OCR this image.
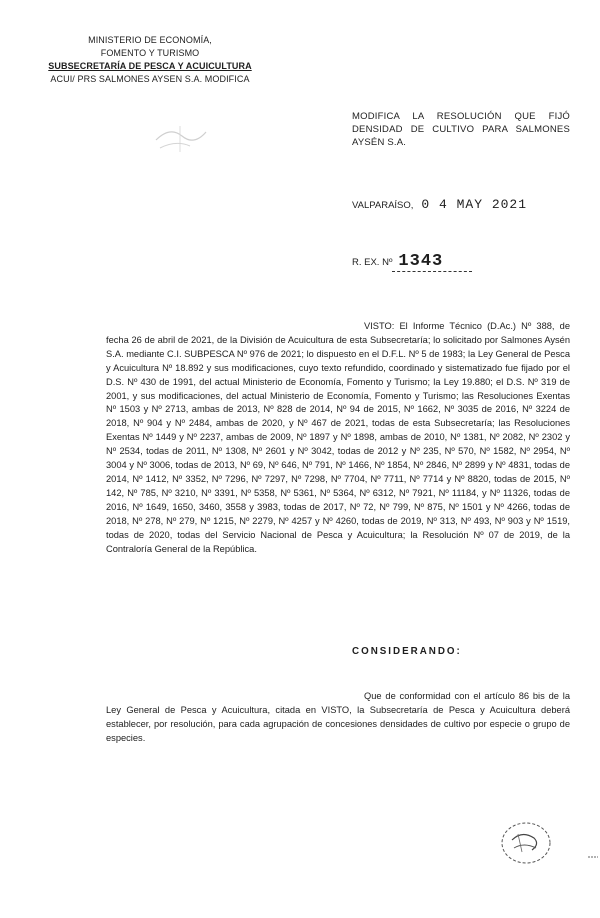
MINISTERIO DE ECONOMÍA,
FOMENTO Y TURISMO
SUBSECRETARÍA DE PESCA Y ACUICULTURA
ACUI/ PRS SALMONES AYSEN S.A. MODIFICA
MODIFICA LA RESOLUCIÓN QUE FIJÓ DENSIDAD DE CULTIVO PARA SALMONES AYSÉN S.A.
VALPARAÍSO, 0 4 MAY 2021
R. EX. Nº 1343
VISTO: El Informe Técnico (D.Ac.) Nº 388, de fecha 26 de abril de 2021, de la División de Acuicultura de esta Subsecretaría; lo solicitado por Salmones Aysén S.A. mediante C.I. SUBPESCA Nº 976 de 2021; lo dispuesto en el D.F.L. Nº 5 de 1983; la Ley General de Pesca y Acuicultura Nº 18.892 y sus modificaciones, cuyo texto refundido, coordinado y sistematizado fue fijado por el D.S. Nº 430 de 1991, del actual Ministerio de Economía, Fomento y Turismo; la Ley 19.880; el D.S. Nº 319 de 2001, y sus modificaciones, del actual Ministerio de Economía, Fomento y Turismo; las Resoluciones Exentas Nº 1503 y Nº 2713, ambas de 2013, Nº 828 de 2014, Nº 94 de 2015, Nº 1662, Nº 3035 de 2016, Nº 3224 de 2018, Nº 904 y Nº 2484, ambas de 2020, y Nº 467 de 2021, todas de esta Subsecretaría; las Resoluciones Exentas Nº 1449 y Nº 2237, ambas de 2009, Nº 1897 y Nº 1898, ambas de 2010, Nº 1381, Nº 2082, Nº 2302 y Nº 2534, todas de 2011, Nº 1308, Nº 2601 y Nº 3042, todas de 2012 y Nº 235, Nº 570, Nº 1582, Nº 2954, Nº 3004 y Nº 3006, todas de 2013, Nº 69, Nº 646, Nº 791, Nº 1466, Nº 1854, Nº 2846, Nº 2899 y Nº 4831, todas de 2014, Nº 1412, Nº 3352, Nº 7296, Nº 7297, Nº 7298, Nº 7704, Nº 7711, Nº 7714 y Nº 8820, todas de 2015, Nº 142, Nº 785, Nº 3210, Nº 3391, Nº 5358, Nº 5361, Nº 5364, Nº 6312, Nº 7921, Nº 11184, y Nº 11326, todas de 2016, Nº 1649, 1650, 3460, 3558 y 3983, todas de 2017, Nº 72, Nº 799, Nº 875, Nº 1501 y Nº 4266, todas de 2018, Nº 278, Nº 279, Nº 1215, Nº 2279, Nº 4257 y Nº 4260, todas de 2019, Nº 313, Nº 493, Nº 903 y Nº 1519, todas de 2020, todas del Servicio Nacional de Pesca y Acuicultura; la Resolución Nº 07 de 2019, de la Contraloría General de la República.
CONSIDERANDO:
Que de conformidad con el artículo 86 bis de la Ley General de Pesca y Acuicultura, citada en VISTO, la Subsecretaría de Pesca y Acuicultura deberá establecer, por resolución, para cada agrupación de concesiones densidades de cultivo por especie o grupo de especies.
